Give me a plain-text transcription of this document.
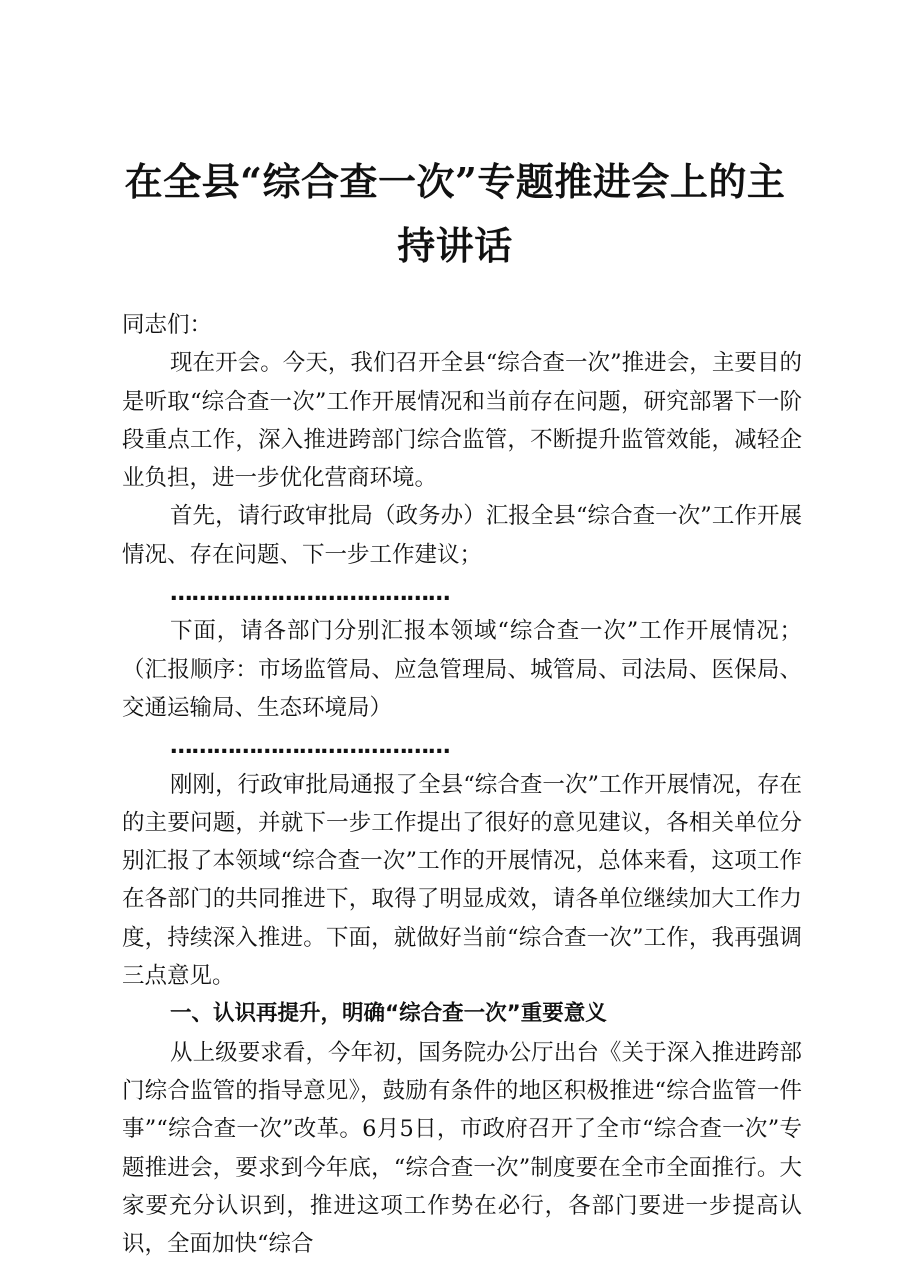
在全县“综合查一次”专题推进会上的主持讲话

同志们：

现在开会。今天，我们召开全县“综合查一次”推进会，主要目的是听取“综合查一次”工作开展情况和当前存在问题，研究部署下一阶段重点工作，深入推进跨部门综合监管，不断提升监管效能，减轻企业负担，进一步优化营商环境。

首先，请行政审批局（政务办）汇报全县“综合查一次”工作开展情况、存在问题、下一步工作建议；

…………………………………

下面，请各部门分别汇报本领域“综合查一次”工作开展情况；（汇报顺序：市场监管局、应急管理局、城管局、司法局、医保局、交通运输局、生态环境局）

…………………………………

刚刚，行政审批局通报了全县“综合查一次”工作开展情况，存在的主要问题，并就下一步工作提出了很好的意见建议，各相关单位分别汇报了本领域“综合查一次”工作的开展情况，总体来看，这项工作在各部门的共同推进下，取得了明显成效，请各单位继续加大工作力度，持续深入推进。下面，就做好当前“综合查一次”工作，我再强调三点意见。

一、认识再提升，明确“综合查一次”重要意义

从上级要求看，今年初，国务院办公厅出台《关于深入推进跨部门综合监管的指导意见》，鼓励有条件的地区积极推进“综合监管一件事”“综合查一次”改革。6月5日，市政府召开了全市“综合查一次”专题推进会，要求到今年底，“综合查一次”制度要在全市全面推行。大家要充分认识到，推进这项工作势在必行，各部门要进一步提高认识，全面加快“综合
